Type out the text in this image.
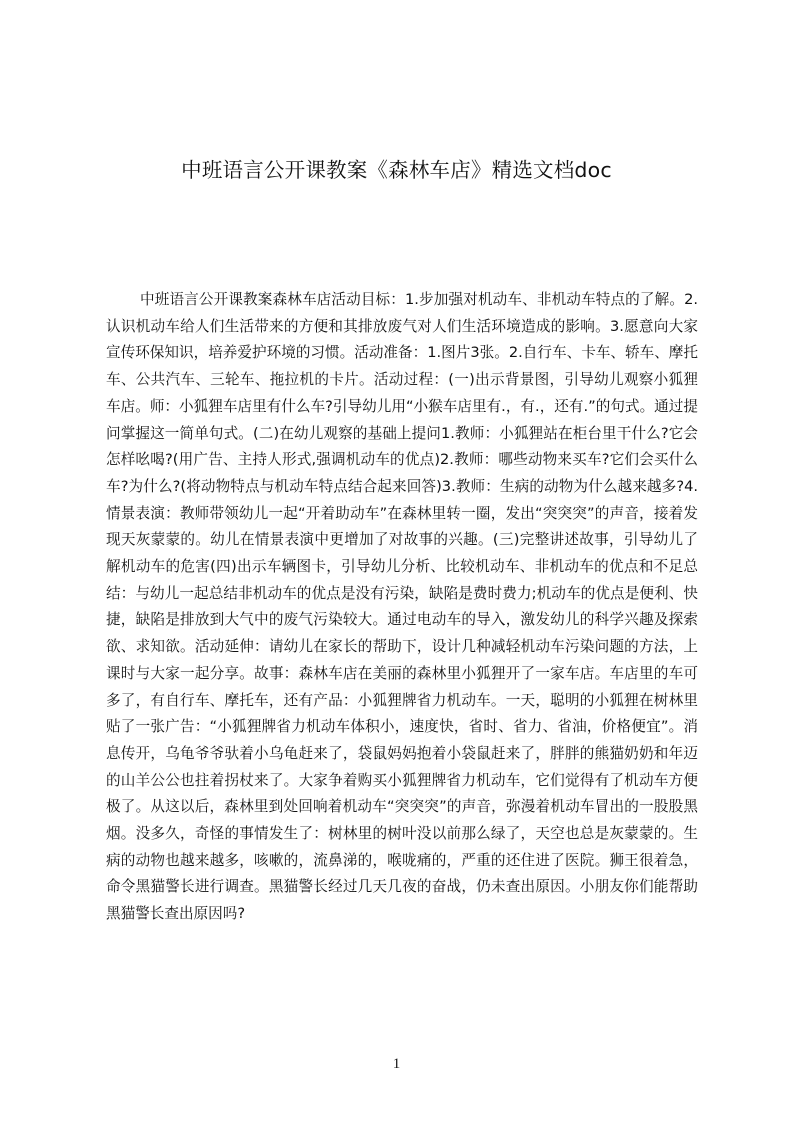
中班语言公开课教案《森林车店》精选文档doc

中班语言公开课教案森林车店活动目标：1.步加强对机动车、非机动车特点的了解。2.认识机动车给人们生活带来的方便和其排放废气对人们生活环境造成的影响。3.愿意向大家宣传环保知识，培养爱护环境的习惯。活动准备：1.图片3张。2.自行车、卡车、轿车、摩托车、公共汽车、三轮车、拖拉机的卡片。活动过程：(一)出示背景图，引导幼儿观察小狐狸车店。师：小狐狸车店里有什么车?引导幼儿用“小猴车店里有.，有.，还有.”的句式。通过提问掌握这一简单句式。(二)在幼儿观察的基础上提问1.教师：小狐狸站在柜台里干什么?它会怎样吆喝?(用广告、主持人形式,强调机动车的优点)2.教师：哪些动物来买车?它们会买什么车?为什么?(将动物特点与机动车特点结合起来回答)3.教师：生病的动物为什么越来越多?4.情景表演：教师带领幼儿一起“开着助动车”在森林里转一圈，发出“突突突”的声音，接着发现天灰蒙蒙的。幼儿在情景表演中更增加了对故事的兴趣。(三)完整讲述故事，引导幼儿了解机动车的危害(四)出示车辆图卡，引导幼儿分析、比较机动车、非机动车的优点和不足总结：与幼儿一起总结非机动车的优点是没有污染，缺陷是费时费力;机动车的优点是便利、快捷，缺陷是排放到大气中的废气污染较大。通过电动车的导入，激发幼儿的科学兴趣及探索欲、求知欲。活动延伸：请幼儿在家长的帮助下，设计几种减轻机动车污染问题的方法，上课时与大家一起分享。故事：森林车店在美丽的森林里小狐狸开了一家车店。车店里的车可多了，有自行车、摩托车，还有产品：小狐狸牌省力机动车。一天，聪明的小狐狸在树林里贴了一张广告：“小狐狸牌省力机动车体积小，速度快，省时、省力、省油，价格便宜”。消息传开，乌龟爷爷驮着小乌龟赶来了，袋鼠妈妈抱着小袋鼠赶来了，胖胖的熊猫奶奶和年迈的山羊公公也拄着拐杖来了。大家争着购买小狐狸牌省力机动车，它们觉得有了机动车方便极了。从这以后，森林里到处回响着机动车“突突突”的声音，弥漫着机动车冒出的一股股黑烟。没多久，奇怪的事情发生了：树林里的树叶没以前那么绿了，天空也总是灰蒙蒙的。生病的动物也越来越多，咳嗽的，流鼻涕的，喉咙痛的，严重的还住进了医院。狮王很着急，命令黑猫警长进行调查。黑猫警长经过几天几夜的奋战，仍未查出原因。小朋友你们能帮助黑猫警长查出原因吗?

1
